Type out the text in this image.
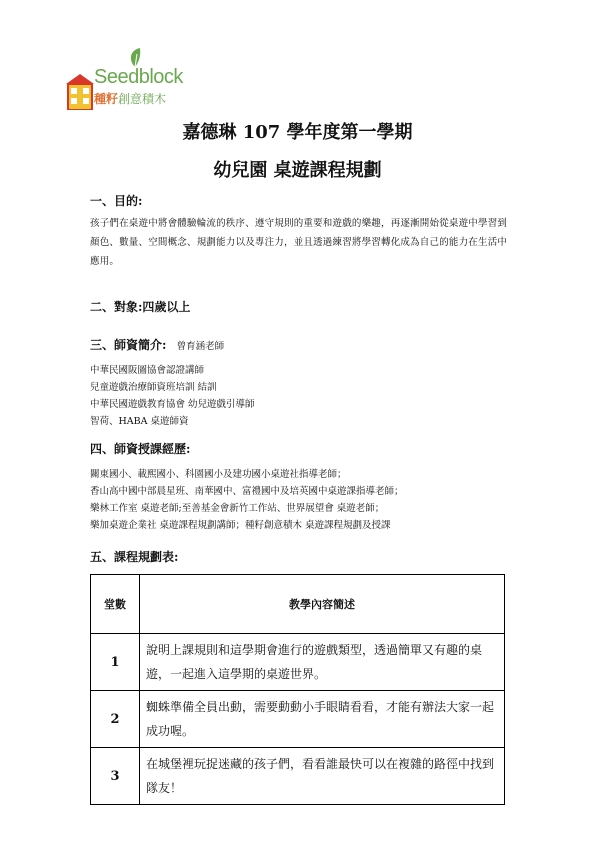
Seedblock
種籽創意積木
嘉德琳 107 學年度第一學期
幼兒園 桌遊課程規劃
一、目的:
孩子們在桌遊中將會體驗輪流的秩序、遵守規則的重要和遊戲的樂趣，再逐漸開始從桌遊中學習到顏色、數量、空間概念、規劃能力以及專注力，並且透過練習將學習轉化成為自己的能力在生活中應用。
二、對象:四歲以上
三、師資簡介: 曾育涵老師
中華民國阪圖協會認證講師
兒童遊戲治療師資班培訓 結訓
中華民國遊戲教育協會 幼兒遊戲引導師
智荷、HABA 桌遊師資
四、師資授課經歷:
關東國小、載熙國小、科園國小及建功國小桌遊社指導老師；
香山高中國中部晨星班、南華國中、富禮國中及培英國中桌遊課指導老師；
樂林工作室 桌遊老師;至善基金會新竹工作站、世界展望會 桌遊老師；
樂加桌遊企業社 桌遊課程規劃講師；種籽創意積木 桌遊課程規劃及授課
五、課程規劃表:
堂數	教學內容簡述
1	說明上課規則和這學期會進行的遊戲類型，透過簡單又有趣的桌遊，一起進入這學期的桌遊世界。
2	蜘蛛準備全員出動，需要動動小手眼睛看看，才能有辦法大家一起成功喔。
3	在城堡裡玩捉迷藏的孩子們，看看誰最快可以在複雜的路徑中找到隊友！
